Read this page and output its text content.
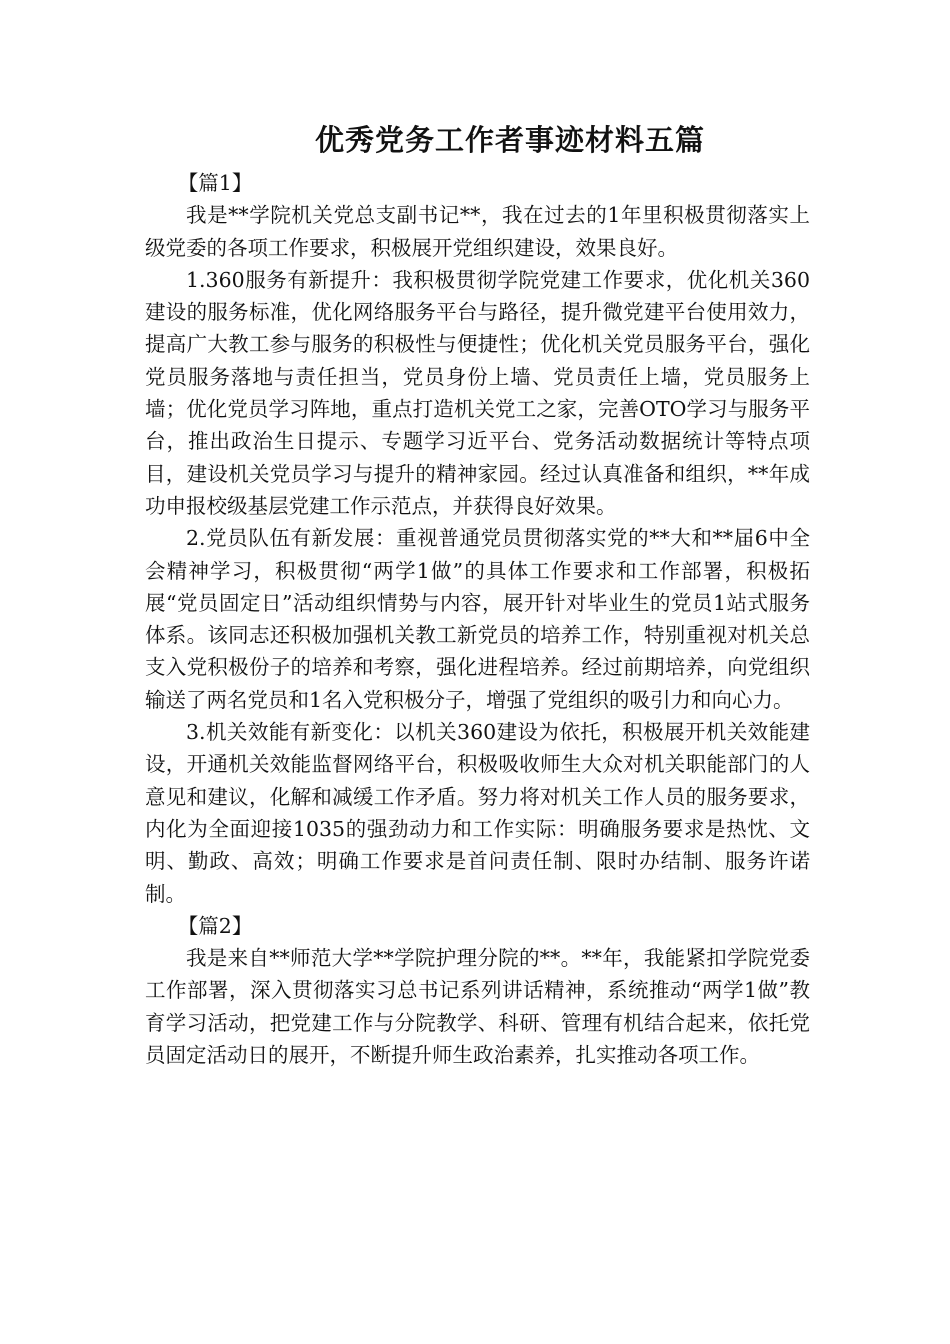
优秀党务工作者事迹材料五篇

【篇1】

我是**学院机关党总支副书记**，我在过去的1年里积极贯彻落实上级党委的各项工作要求，积极展开党组织建设，效果良好。

1.360服务有新提升：我积极贯彻学院党建工作要求，优化机关360建设的服务标准，优化网络服务平台与路径，提升微党建平台使用效力，提高广大教工参与服务的积极性与便捷性；优化机关党员服务平台，强化党员服务落地与责任担当，党员身份上墙、党员责任上墙，党员服务上墙；优化党员学习阵地，重点打造机关党工之家，完善OTO学习与服务平台，推出政治生日提示、专题学习近平台、党务活动数据统计等特点项目，建设机关党员学习与提升的精神家园。经过认真准备和组织，**年成功申报校级基层党建工作示范点，并获得良好效果。

2.党员队伍有新发展：重视普通党员贯彻落实党的**大和**届6中全会精神学习，积极贯彻“两学1做”的具体工作要求和工作部署，积极拓展“党员固定日”活动组织情势与内容，展开针对毕业生的党员1站式服务体系。该同志还积极加强机关教工新党员的培养工作，特别重视对机关总支入党积极份子的培养和考察，强化进程培养。经过前期培养，向党组织输送了两名党员和1名入党积极分子，增强了党组织的吸引力和向心力。

3.机关效能有新变化：以机关360建设为依托，积极展开机关效能建设，开通机关效能监督网络平台，积极吸收师生大众对机关职能部门的人意见和建议，化解和减缓工作矛盾。努力将对机关工作人员的服务要求，内化为全面迎接1035的强劲动力和工作实际：明确服务要求是热忱、文明、勤政、高效；明确工作要求是首问责任制、限时办结制、服务许诺制。

【篇2】

我是来自**师范大学**学院护理分院的**。**年，我能紧扣学院党委工作部署，深入贯彻落实习总书记系列讲话精神，系统推动“两学1做”教育学习活动，把党建工作与分院教学、科研、管理有机结合起来，依托党员固定活动日的展开，不断提升师生政治素养，扎实推动各项工作。
